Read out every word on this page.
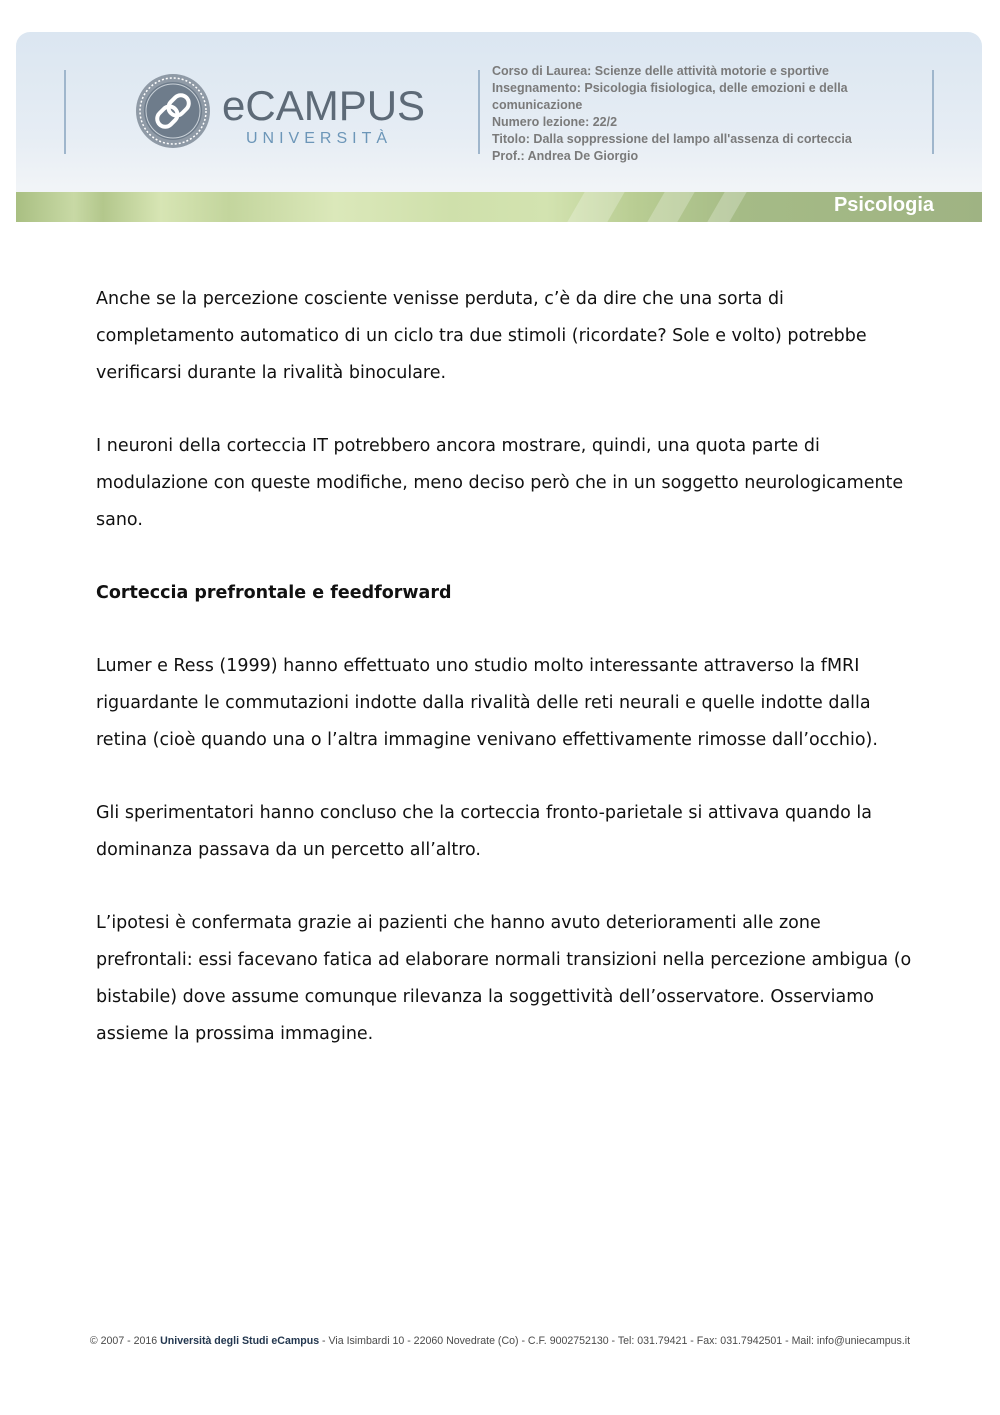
eCAMPUS
UNIVERSITÀ
Corso di Laurea: Scienze delle attività motorie e sportive
Insegnamento: Psicologia fisiologica, delle emozioni e della
comunicazione
Numero lezione: 22/2
Titolo: Dalla soppressione del lampo all'assenza di corteccia
Prof.: Andrea De Giorgio
Psicologia

Anche se la percezione cosciente venisse perduta, c’è da dire che una sorta di completamento automatico di un ciclo tra due stimoli (ricordate? Sole e volto) potrebbe verificarsi durante la rivalità binoculare.

I neuroni della corteccia IT potrebbero ancora mostrare, quindi, una quota parte di modulazione con queste modifiche, meno deciso però che in un soggetto neurologicamente sano.

Corteccia prefrontale e feedforward

Lumer e Ress (1999) hanno effettuato uno studio molto interessante attraverso la fMRI riguardante le commutazioni indotte dalla rivalità delle reti neurali e quelle indotte dalla retina (cioè quando una o l’altra immagine venivano effettivamente rimosse dall’occhio).

Gli sperimentatori hanno concluso che la corteccia fronto-parietale si attivava quando la dominanza passava da un percetto all’altro.

L’ipotesi è confermata grazie ai pazienti che hanno avuto deterioramenti alle zone prefrontali: essi facevano fatica ad elaborare normali transizioni nella percezione ambigua (o bistabile) dove assume comunque rilevanza la soggettività dell’osservatore. Osserviamo assieme la prossima immagine.

© 2007 - 2016 Università degli Studi eCampus - Via Isimbardi 10 - 22060 Novedrate (Co) - C.F. 9002752130 - Tel: 031.79421 - Fax: 031.7942501 - Mail: info@uniecampus.it
